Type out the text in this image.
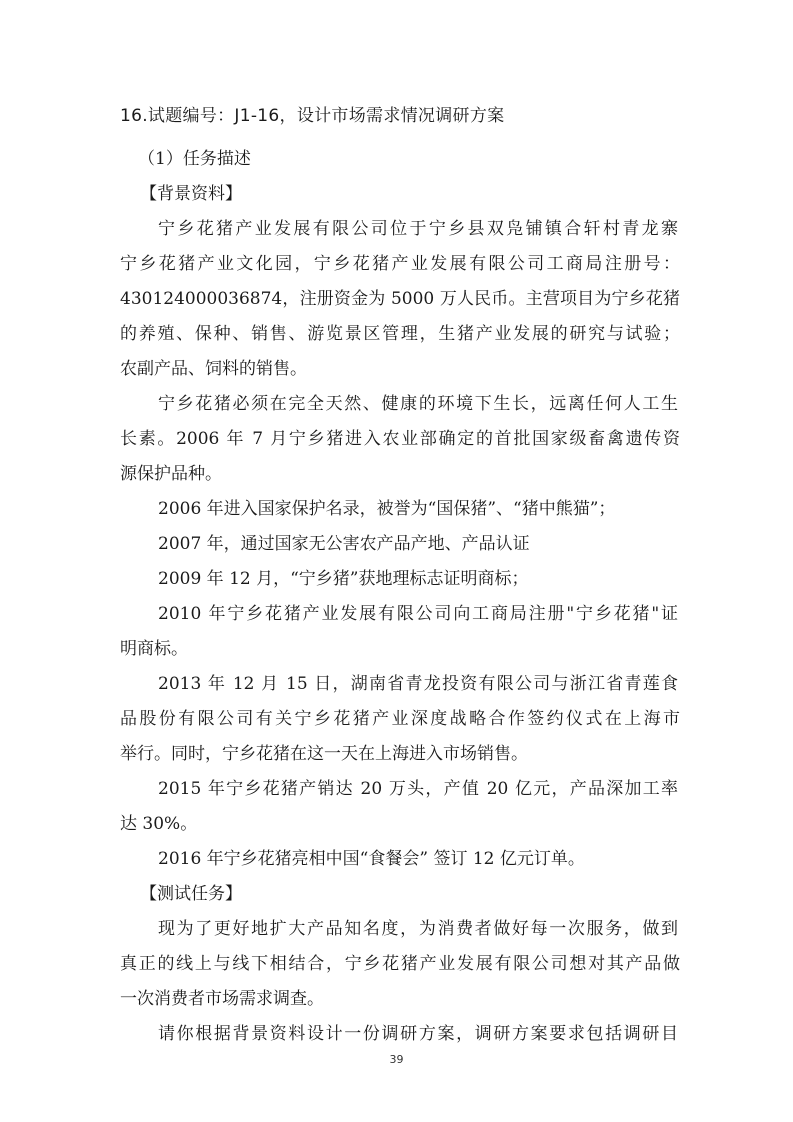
16.试题编号：J1-16，设计市场需求情况调研方案
（1）任务描述
【背景资料】
宁乡花猪产业发展有限公司位于宁乡县双凫铺镇合轩村青龙寨
宁乡花猪产业文化园，宁乡花猪产业发展有限公司工商局注册号：
430124000036874，注册资金为 5000 万人民币。主营项目为宁乡花猪
的养殖、保种、销售、游览景区管理，生猪产业发展的研究与试验；
农副产品、饲料的销售。
宁乡花猪必须在完全天然、健康的环境下生长，远离任何人工生
长素。2006 年 7 月宁乡猪进入农业部确定的首批国家级畜禽遗传资
源保护品种。
2006 年进入国家保护名录，被誉为“国保猪”、“猪中熊猫”；
2007 年，通过国家无公害农产品产地、产品认证
2009 年 12 月，“宁乡猪”获地理标志证明商标；
2010 年宁乡花猪产业发展有限公司向工商局注册"宁乡花猪"证
明商标。
2013 年 12 月 15 日，湖南省青龙投资有限公司与浙江省青莲食
品股份有限公司有关宁乡花猪产业深度战略合作签约仪式在上海市
举行。同时，宁乡花猪在这一天在上海进入市场销售。
2015 年宁乡花猪产销达 20 万头，产值 20 亿元，产品深加工率
达 30%。
2016 年宁乡花猪亮相中国“食餐会” 签订 12 亿元订单。
【测试任务】
现为了更好地扩大产品知名度，为消费者做好每一次服务，做到
真正的线上与线下相结合，宁乡花猪产业发展有限公司想对其产品做
一次消费者市场需求调查。
请你根据背景资料设计一份调研方案，调研方案要求包括调研目
39
